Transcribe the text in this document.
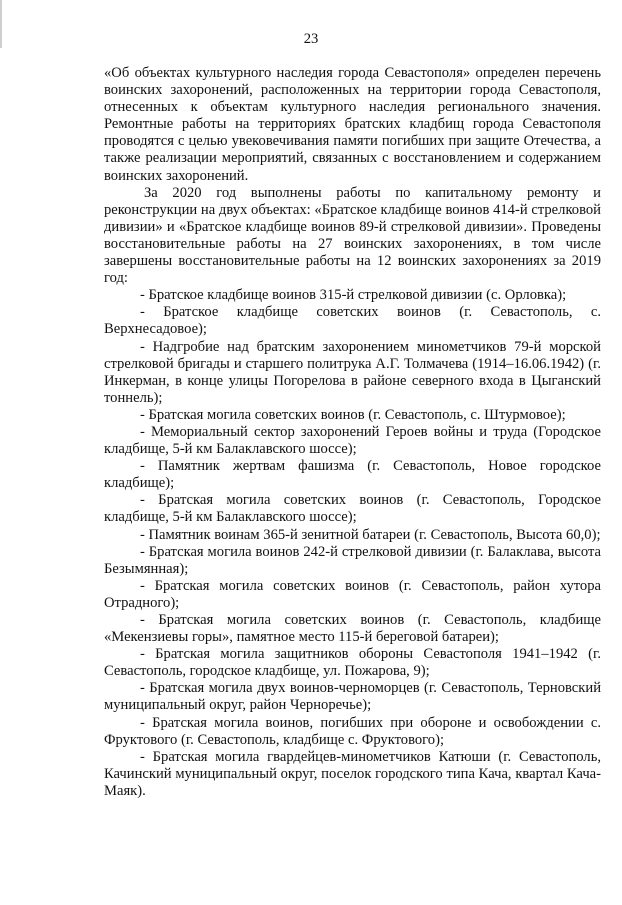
23

«Об объектах культурного наследия города Севастополя» определен перечень воинских захоронений, расположенных на территории города Севастополя, отнесенных к объектам культурного наследия регионального значения. Ремонтные работы на территориях братских кладбищ города Севастополя проводятся с целью увековечивания памяти погибших при защите Отечества, а также реализации мероприятий, связанных с восстановлением и содержанием воинских захоронений.

За 2020 год выполнены работы по капитальному ремонту и реконструкции на двух объектах: «Братское кладбище воинов 414-й стрелковой дивизии» и «Братское кладбище воинов 89-й стрелковой дивизии». Проведены восстановительные работы на 27 воинских захоронениях, в том числе завершены восстановительные работы на 12 воинских захоронениях за 2019 год:

- Братское кладбище воинов 315-й стрелковой дивизии (с. Орловка);

- Братское кладбище советских воинов (г. Севастополь, с. Верхнесадовое);

- Надгробие над братским захоронением минометчиков 79-й морской стрелковой бригады и старшего политрука А.Г. Толмачева (1914–16.06.1942) (г. Инкерман, в конце улицы Погорелова в районе северного входа в Цыганский тоннель);

- Братская могила советских воинов (г. Севастополь, с. Штурмовое);

- Мемориальный сектор захоронений Героев войны и труда (Городское кладбище, 5-й км Балаклавского шоссе);

- Памятник жертвам фашизма (г. Севастополь, Новое городское кладбище);

- Братская могила советских воинов (г. Севастополь, Городское кладбище, 5-й км Балаклавского шоссе);

- Памятник воинам 365-й зенитной батареи (г. Севастополь, Высота 60,0);

- Братская могила воинов 242-й стрелковой дивизии (г. Балаклава, высота Безымянная);

- Братская могила советских воинов (г. Севастополь, район хутора Отрадного);

- Братская могила советских воинов (г. Севастополь, кладбище «Мекензиевы горы», памятное место 115-й береговой батареи);

- Братская могила защитников обороны Севастополя 1941–1942 (г. Севастополь, городское кладбище, ул. Пожарова, 9);

- Братская могила двух воинов-черноморцев (г. Севастополь, Терновский муниципальный округ, район Черноречье);

- Братская могила воинов, погибших при обороне и освобождении с. Фруктового (г. Севастополь, кладбище с. Фруктового);

- Братская могила гвардейцев-минометчиков Катюши (г. Севастополь, Качинский муниципальный округ, поселок городского типа Кача, квартал Кача-Маяк).
